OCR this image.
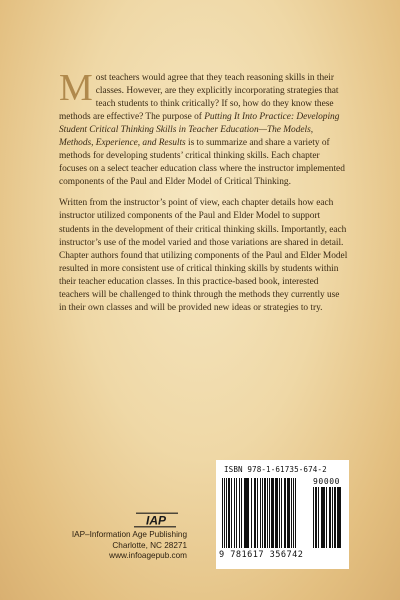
Most teachers would agree that they teach reasoning skills in their classes. However, are they explicitly incorporating strategies that teach students to think critically? If so, how do they know these methods are effective? The purpose of Putting It Into Practice: Developing Student Critical Thinking Skills in Teacher Education—The Models, Methods, Experience, and Results is to summarize and share a variety of methods for developing students’ critical thinking skills. Each chapter focuses on a select teacher education class where the instructor implemented components of the Paul and Elder Model of Critical Thinking.

Written from the instructor’s point of view, each chapter details how each instructor utilized components of the Paul and Elder Model to support students in the development of their critical thinking skills. Importantly, each instructor’s use of the model varied and those variations are shared in detail. Chapter authors found that utilizing components of the Paul and Elder Model resulted in more consistent use of critical thinking skills by students within their teacher education classes. In this practice-based book, interested teachers will be challenged to think through the methods they currently use in their own classes and will be provided new ideas or strategies to try.

ISBN 978-1-61735-674-2
90000
9 781617 356742
IAP
IAP–Information Age Publishing
Charlotte, NC 28271
www.infoagepub.com
